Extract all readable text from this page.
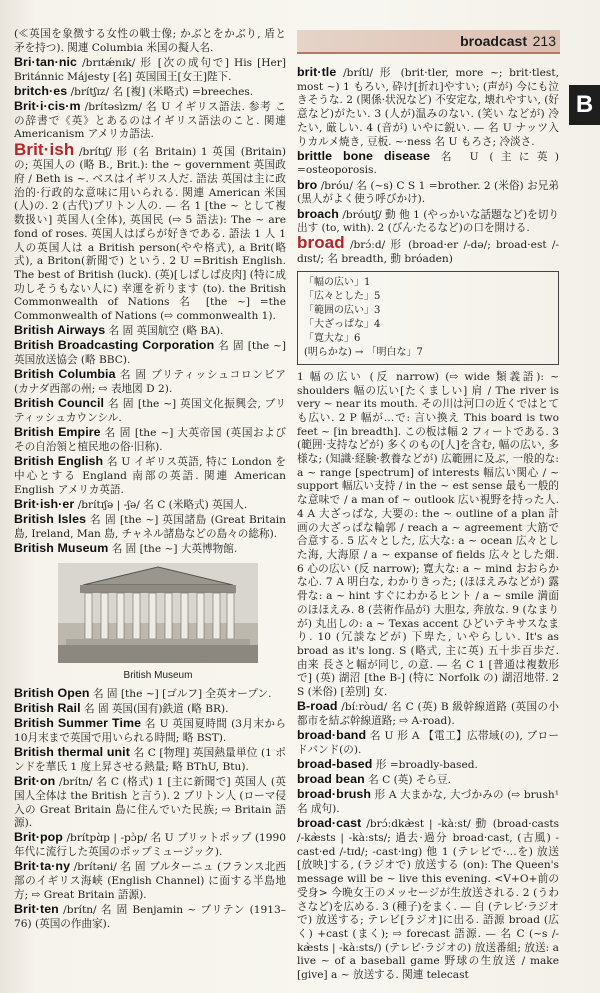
broadcast 213
B
(≪英国を象徴する女性の戦士像; かぶとをかぶり, 盾と矛を持つ). 関連 Columbia 米国の擬人名.
Bri·tan·nic /brɪtǽnɪk/ 形 [次の成句で] His [Her] Británnic Májesty [名] 英国国王[女王]陛下.
britch·es /brítʃɪz/ 名 [複] (米略式) =breeches.
Brit·i·cis·m /brítəsìzm/ 名 U イギリス語法. 参考 この辞書で《英》とあるのはイギリス語法のこと. 関連 Americanism アメリカ語法.
Brit·ish /brítɪʃ/ 形 (名 Britain) 1 英国 (Britain) の; 英国人の (略 B., Brit.): the ~ government 英国政府 / Beth is ~. ベスはイギリス人だ. 語法 英国は主に政治的·行政的な意味に用いられる. 関連 American 米国(人)の. 2 (古代)ブリトン人の. — 名 1 [the ~ として複数扱い] 英国人(全体), 英国民 (⇨ 5 語法): The ~ are fond of roses. 英国人はばらが好きである. 語法 1 人 1 人の英国人は a British person(やや格式), a Brit(略式), a Briton(新聞で) という. 2 U =British English. The best of British (luck). (英)[しばしば皮肉] (特に成功しそうもない人に) 幸運を祈ります (to). the British Commonwealth of Nations 名 [the ~] =the Commonwealth of Nations (⇨ commonwealth 1).
British Airways 名 固 英国航空 (略 BA).
British Broadcasting Corporation 名 固 [the ~] 英国放送協会 (略 BBC).
British Columbia 名 固 ブリティッシュコロンビア (カナダ西部の州; ⇨ 表地図 D 2).
British Council 名 固 [the ~] 英国文化振興会, ブリティッシュカウンシル.
British Empire 名 固 [the ~] 大英帝国 (英国およびその自治領と植民地の俗·旧称).
British English 名 U イギリス英語, 特に London を中心とする England 南部の英語. 関連 American English アメリカ英語.
Brit·ish·er /brítɪʃə | -ʃə/ 名 C (米略式) 英国人.
British Isles 名 固 [the ~] 英国諸島 (Great Britain 島, Ireland, Man 島, チャネル諸島などの島々の総称).
British Museum 名 固 [the ~] 大英博物館.
British Museum
British Open 名 固 [the ~] [ゴルフ] 全英オープン.
British Rail 名 固 英国(国有)鉄道 (略 BR).
British Summer Time 名 U 英国夏時間 (3月末から10月末まで英国で用いられる時間; 略 BST).
British thermal unit 名 C [物理] 英国熱量単位 (1 ポンドを華氏 1 度上昇させる熱量; 略 BThU, Btu).
Brit·on /brítn/ 名 C (格式) 1 [主に新聞で] 英国人 (英国人全体は the British と言う). 2 ブリトン人 (ローマ侵入の Great Britain 島に住んでいた民族; ⇨ Britain 語源).
Brit·pop /brítpɑ̀p | -pɔ̀p/ 名 U ブリットポップ (1990 年代に流行した英国のポップミュージック).
Brit·ta·ny /brítəni/ 名 固 ブルターニュ (フランス北西部のイギリス海峡 (English Channel) に面する半島地方; ⇨ Great Britain 語源).
Brit·ten /brítn/ 名 固 Benjamin ~ ブリテン (1913–76) (英国の作曲家).
brit·tle /brítl/ 形 (brit·tler, more ~; brit·tlest, most ~) 1 もろい, 砕け[折れ]やすい; (声が) 今にも泣きそうな. 2 (関係·状況など) 不安定な, 壊れやすい, (好意など)がたい. 3 (人が)温みのない. (笑い などが) 冷たい, 厳しい. 4 (音が) いやに鋭い. — 名 U ナッツ入りカルメ焼き, 豆板. ~·ness 名 U もろさ; 冷淡さ.
brittle bone disease 名 U (主に英) =osteoporosis.
bro /bróu/ 名 (~s) C S 1 =brother. 2 (米俗) お兄弟 (黒人がよく使う呼びかけ).
broach /bróutʃ/ 動 他 1 (やっかいな話題など)を切り出す (to, with). 2 (びん·たるなど)の口を開ける.
broad /brɔ́ːd/ 形 (broad·er /-də/; broad·est /-dɪst/; 名 breadth, 動 bróaden)
「幅の広い」1
「広々とした」5
「範囲の広い」3
「大ざっぱな」4
「寛大な」6
(明らかな) → 「明白な」7
1 幅の広い (反 narrow) (⇨ wide 類義語): ~ shoulders 幅の広い[たくましい] 肩 / The river is very ~ near its mouth. その川は河口の近くではとても広い. 2 P 幅が…で: 言い換え This board is two feet ~ [in breadth]. この板は幅 2 フィートである. 3 (範囲·支持などが) 多くのもの[人]を含む, 幅の広い, 多様な; (知識·経験·教養などが) 広範囲に及ぶ, 一般的な: a ~ range [spectrum] of interests 幅広い関心 / ~ support 幅広い支持 / in the ~ est sense 最も一般的な意味で / a man of ~ outlook 広い視野を持った人. 4 A 大ざっぱな, 大要の: the ~ outline of a plan 計画の大ざっぱな輪郭 / reach a ~ agreement 大筋で合意する. 5 広々とした, 広大な: a ~ ocean 広々とした海, 大海原 / a ~ expanse of fields 広々とした畑. 6 心の広い (反 narrow); 寛大な: a ~ mind おおらかな心. 7 A 明白な, わかりきった; (ほほえみなどが) 露骨な: a ~ hint すぐにわかるヒント / a ~ smile 満面のほほえみ. 8 (芸術作品が) 大胆な, 奔放な. 9 (なまりが) 丸出しの: a ~ Texas accent ひどいテキサスなまり. 10 (冗談などが) 下卑た, いやらしい. It's as broad as it's long. S (略式, 主に英) 五十歩百歩だ. 由来 長さと幅が同じ, の意. — 名 C 1 [普通は複数形で] (英) 湖沼 [the B-] (特に Norfolk の) 湖沼地帯. 2 S (米俗) [差別] 女.
B-road /bíːròud/ 名 C (英) B 級幹線道路 (英国の小都市を結ぶ幹線道路; ⇨ A-road).
broad·band 名 U 形 A 【電工】広帯域(の), ブロードバンド(の).
broad-based 形 =broadly-based.
broad bean 名 C (英) そら豆.
broad·brush 形 A 大まかな, 大づかみの (⇨ brush¹ 名 成句).
broad·cast /brɔ́ːdkæ̀st | -kàːst/ 動 (broad·casts /-kæ̀sts | -kàːsts/; 過去·過分 broad·cast, (古風) -cast·ed /-tɪd/; -cast·ing) 他 1 (テレビで·…を) 放送[放映]する, (ラジオで) 放送する (on): The Queen's message will be ~ live this evening. <V+O+前の受身> 今晩女王のメッセージが生放送される. 2 (うわさなど)を広める. 3 (種子)をまく. — 自 (テレビ·ラジオで) 放送する; テレビ[ラジオ]に出る. 語源 broad (広く) +cast (まく); ⇨ forecast 語源. — 名 C (~s /-kæ̀sts | -kàːsts/) (テレビ·ラジオの) 放送番組; 放送: a live ~ of a baseball game 野球の生放送 / make [give] a ~ 放送する. 関連 telecast
